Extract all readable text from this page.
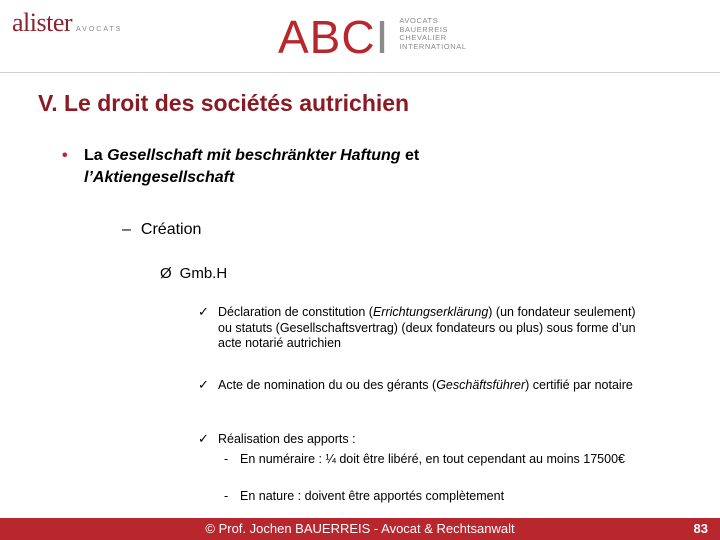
alister AVOCATS	ABCI AVOCATS
BAUERREIS
CHEVALIER
INTERNATIONAL
V. Le droit des sociétés autrichien
• La Gesellschaft mit beschränkter Haftung et
l’Aktiengesellschaft
– Création
Ø Gmb.H
✓ Déclaration de constitution (Errichtungserklärung) (un fondateur seulement) ou statuts (Gesellschaftsvertrag) (deux fondateurs ou plus) sous forme d’un acte notarié autrichien
✓ Acte de nomination du ou des gérants (Geschäftsführer) certifié par notaire
✓ Réalisation des apports :
- En numéraire : ¼ doit être libéré, en tout cependant au moins 17500€
- En nature : doivent être apportés complètement
© Prof. Jochen BAUERREIS - Avocat & Rechtsanwalt	83
